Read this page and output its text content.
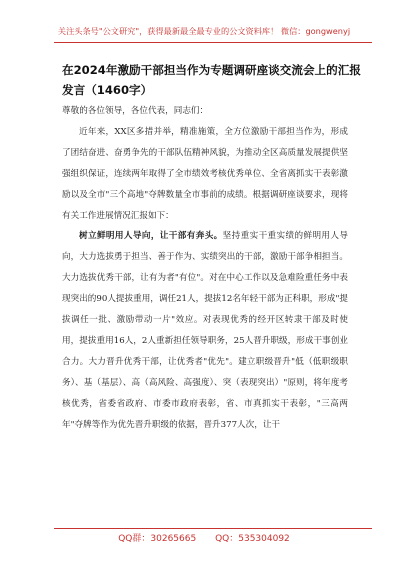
关注头条号"公文研究"，获得最新最全最专业的公文资料库！ 微信：gongwenyj
在2024年激励干部担当作为专题调研座谈交流会上的汇报发言（1460字）

尊敬的各位领导，各位代表，同志们：

近年来，XX区多措并举，精准施策，全方位激励干部担当作为，形成了团结奋进、奋勇争先的干部队伍精神风貌，为推动全区高质量发展提供坚强组织保证，连续两年取得了全市绩效考核优秀单位、全省离抓实干表彰激励以及全市"三个高地"夺牌数量全市事前的成绩。根据调研座谈要求，现将有关工作进展情况汇报如下：

树立鲜明用人导向，让干部有奔头。坚持重实干重实绩的鲜明用人导向，大力选拔勇于担当、善于作为、实绩突出的干部，激励干部争相担当。大力选拔优秀干部，让有为者"有位"。对在中心工作以及急难险重任务中表现突出的90人提拔重用，调任21人，提拔12名年轻干部为正科职，形成"提拔调任一批、激励带动一片"效应。对表现优秀的经开区转隶干部及时使用，提拔重用16人，2人重新担任领导职务，25人晋升职级，形成干事创业合力。大力晋升优秀干部，让优秀者"优先"。建立职级晋升"低（低职级职务）、基（基层）、高（高风险、高强度）、突（表现突出）"原则，将年度考核优秀，省委省政府、市委市政府表彰，省、市真抓实干表彰，"三高两年"夺牌等作为优先晋升职级的依据，晋升377人次，让干

QQ群：30265665 QQ：535304092
